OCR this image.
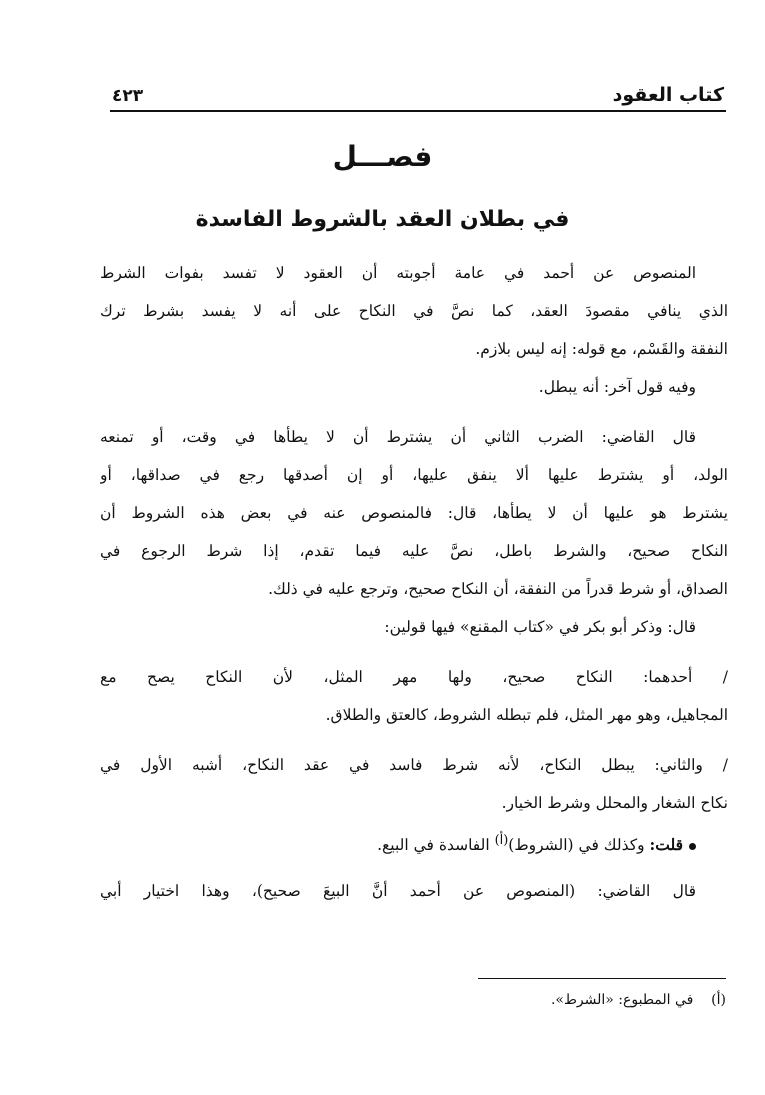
كتاب العقود
٤٢٣
فصـــل
في بطلان العقد بالشروط الفاسدة
المنصوص عن أحمد في عامة أجوبته أن العقود لا تفسد بفوات الشرط
الذي ينافي مقصودَ العقد، كما نصَّ في النكاح على أنه لا يفسد بشرط ترك
النفقة والقَسْم، مع قوله: إنه ليس بلازم.
وفيه قول آخر: أنه يبطل.
قال القاضي: الضرب الثاني أن يشترط أن لا يطأها في وقت، أو تمنعه
الولد، أو يشترط عليها ألا ينفق عليها، أو إن أصدقها رجع في صداقها، أو
يشترط هو عليها أن لا يطأها، قال: فالمنصوص عنه في بعض هذه الشروط أن
النكاح صحيح، والشرط باطل، نصَّ عليه فيما تقدم، إذا شرط الرجوع في
الصداق، أو شرط قدراً من النفقة، أن النكاح صحيح، وترجع عليه في ذلك.
قال: وذكر أبو بكر في «كتاب المقنع» فيها قولين:
/ أحدهما: النكاح صحيح، ولها مهر المثل، لأن النكاح يصح مع
المجاهيل، وهو مهر المثل، فلم تبطله الشروط، كالعتق والطلاق.
/ والثاني: يبطل النكاح، لأنه شرط فاسد في عقد النكاح، أشبه الأول في
نكاح الشغار والمحلل وشرط الخيار.
قلت: وكذلك في (الشروط)$^{(أ)}$ الفاسدة في البيع.
قال القاضي: (المنصوص عن أحمد أنَّ البيعَ صحيح)، وهذا اختيار أبي
(أ)    في المطبوع: «الشرط».
